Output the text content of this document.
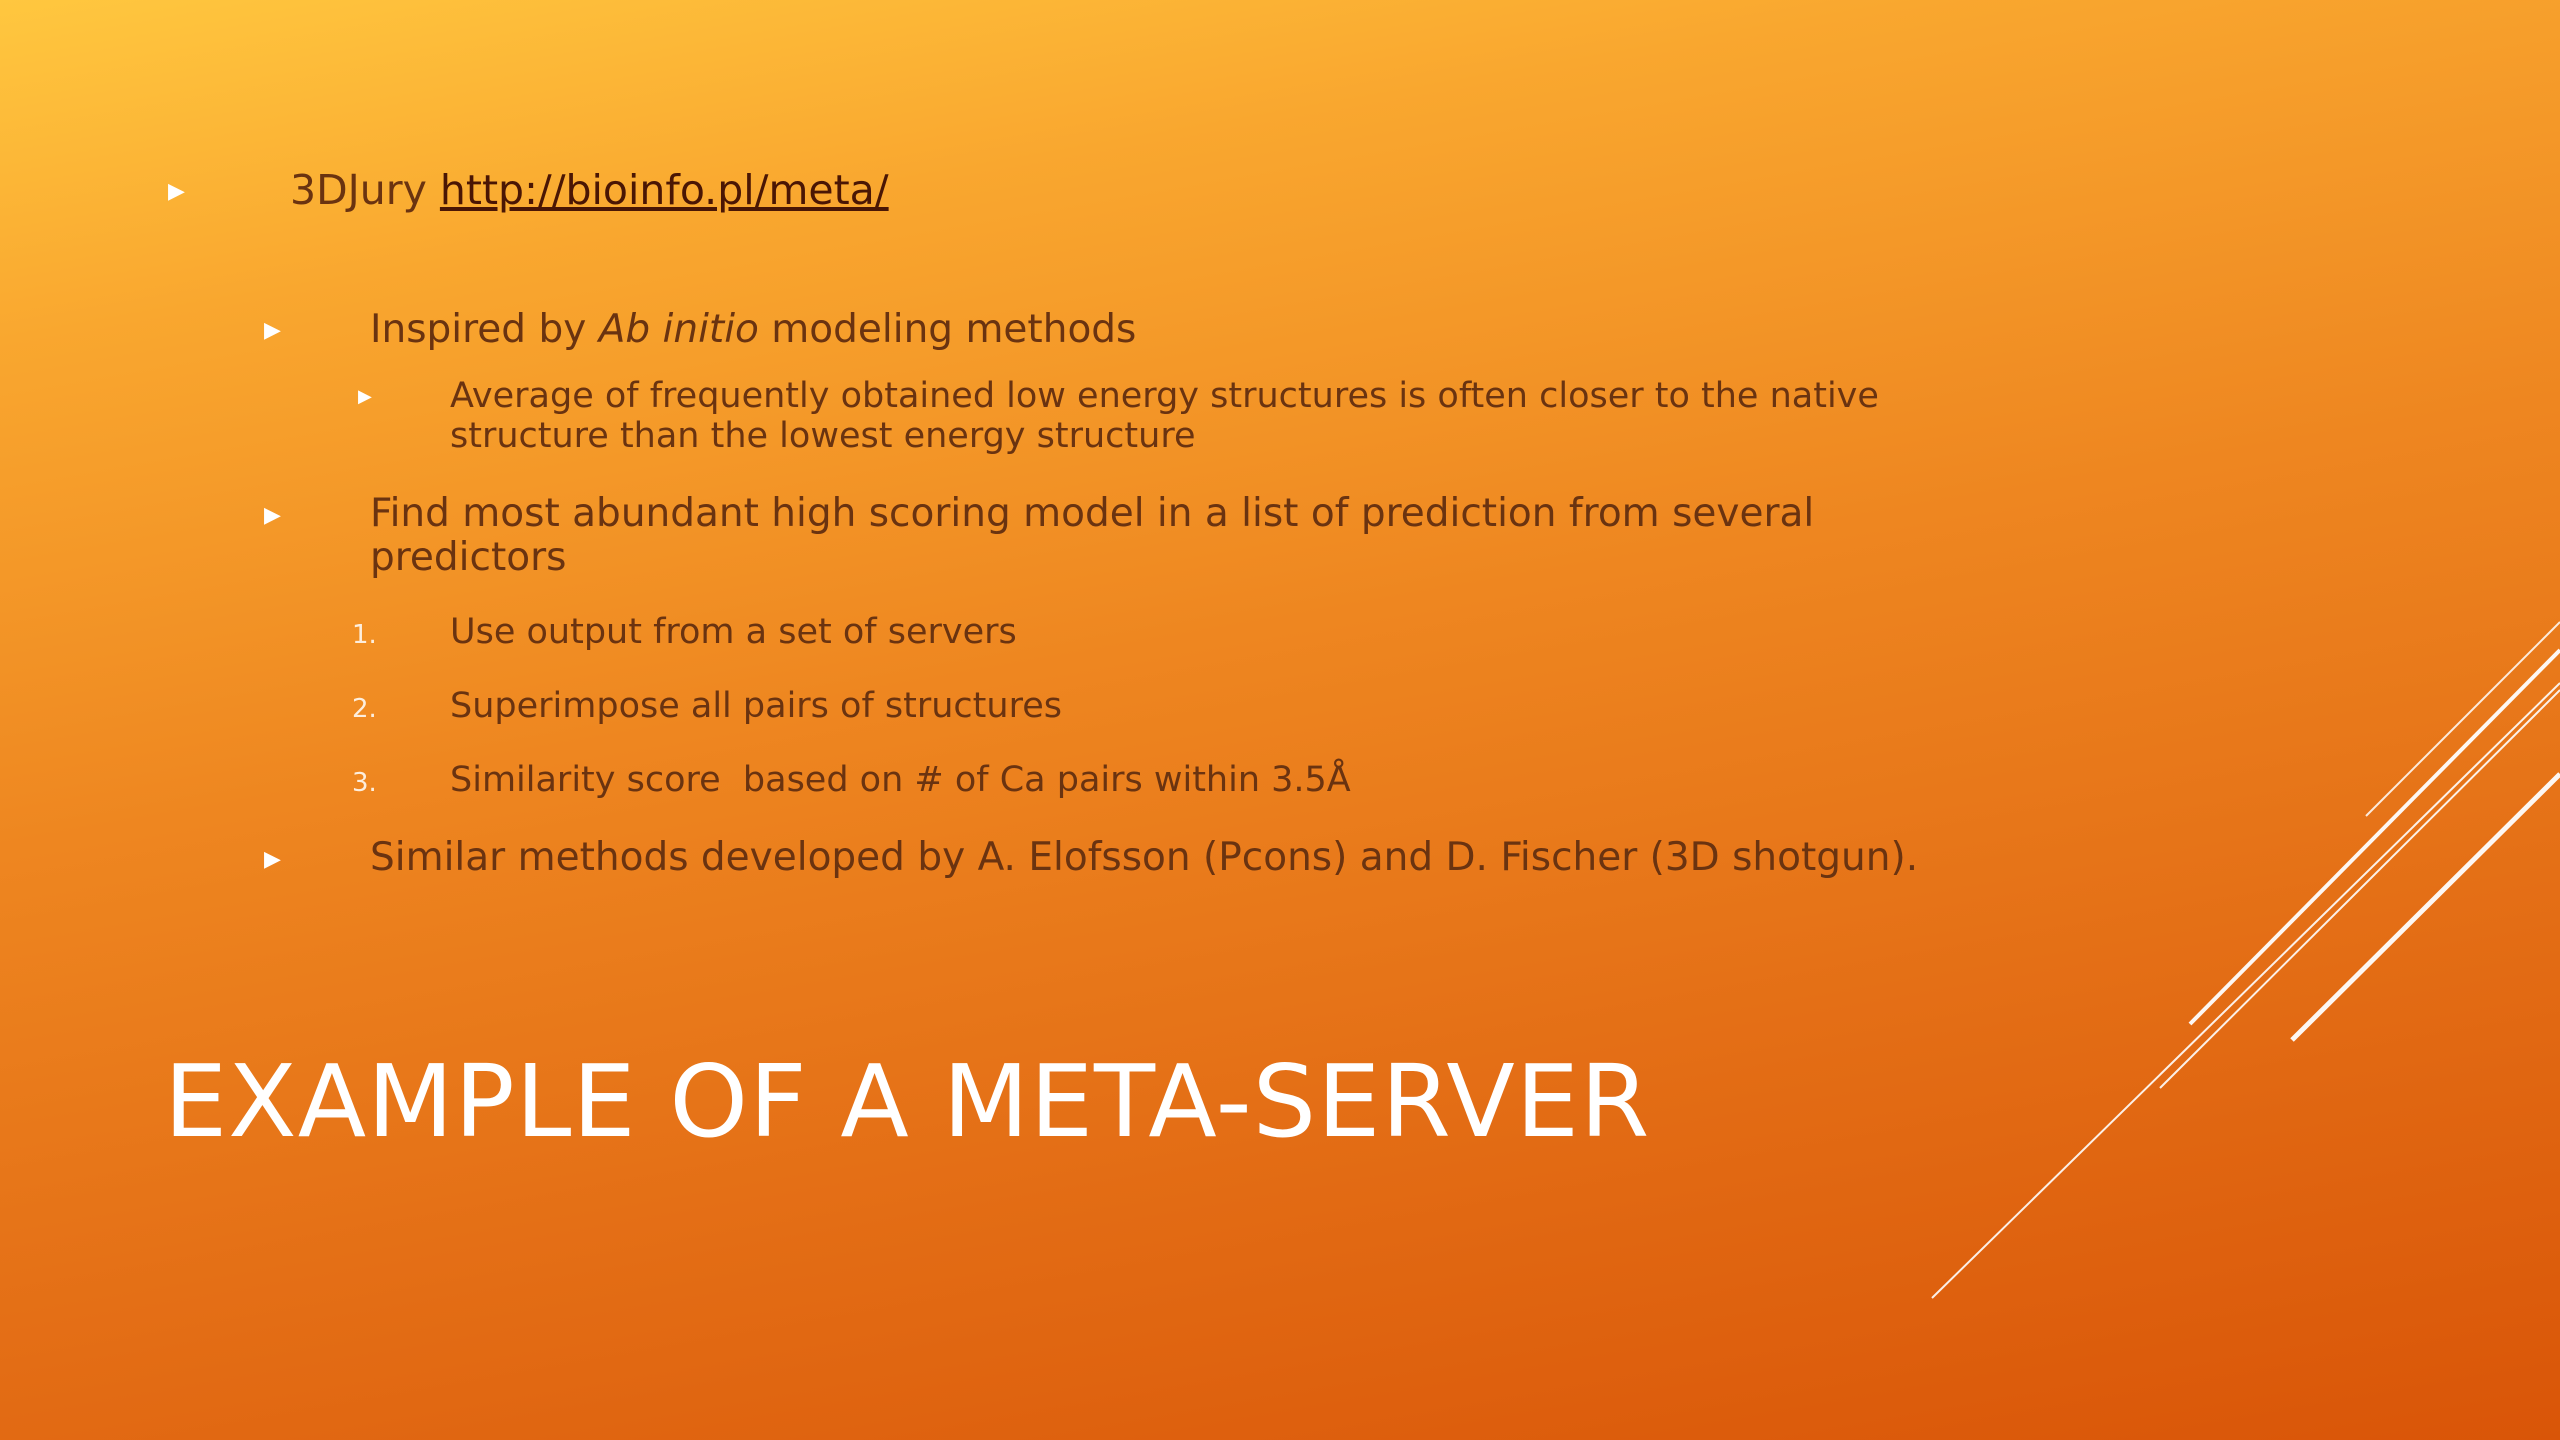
▶	3DJury http://bioinfo.pl/meta/
▶ Inspired by Ab initio modeling methods
▶ Average of frequently obtained low energy structures is often closer to the native
structure than the lowest energy structure
▶ Find most abundant high scoring model in a list of prediction from several
predictors
1. Use output from a set of servers
2. Superimpose all pairs of structures
3. Similarity score  based on # of Ca pairs within 3.5Å
▶ Similar methods developed by A. Elofsson (Pcons) and D. Fischer (3D shotgun).
EXAMPLE OF A META-SERVER
